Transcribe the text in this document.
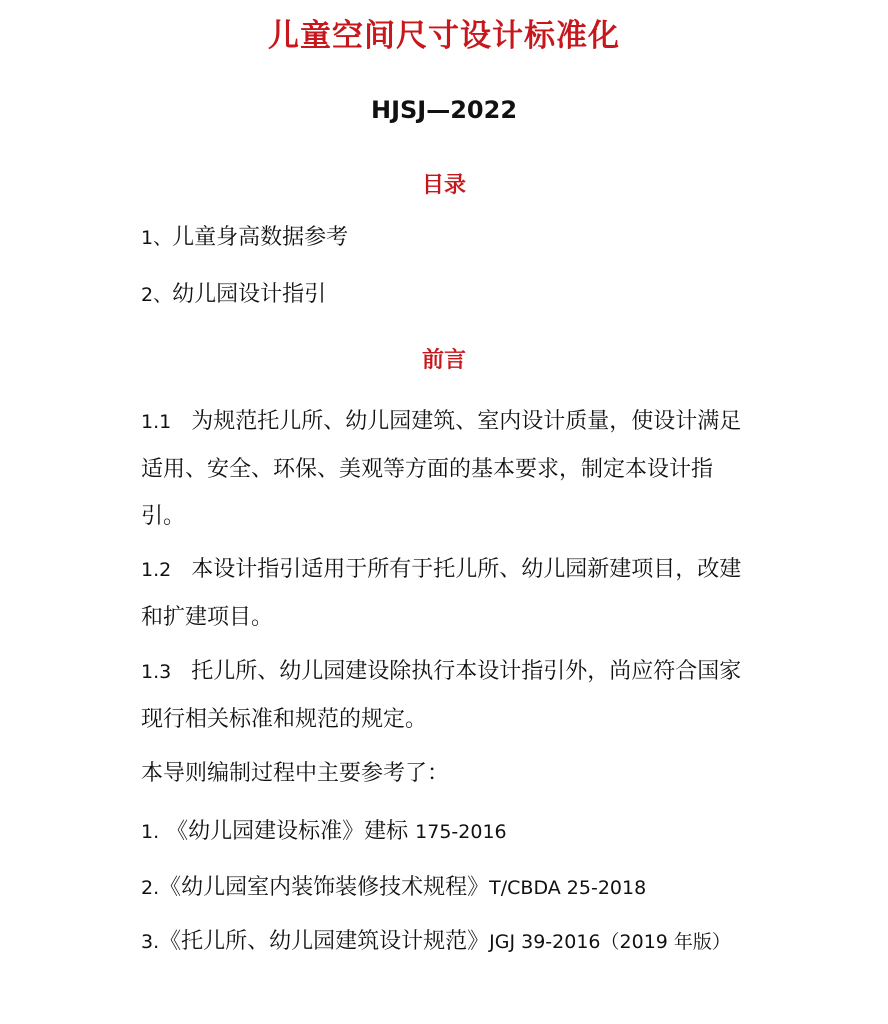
儿童空间尺寸设计标准化
HJSJ—2022
目录
1、儿童身高数据参考
2、幼儿园设计指引
前言
1.1 为规范托儿所、幼儿园建筑、室内设计质量，使设计满足适用、安全、环保、美观等方面的基本要求，制定本设计指引。
1.2 本设计指引适用于所有于托儿所、幼儿园新建项目，改建和扩建项目。
1.3 托儿所、幼儿园建设除执行本设计指引外，尚应符合国家现行相关标准和规范的规定。
本导则编制过程中主要参考了：
1. 《幼儿园建设标准》建标 175-2016
2.《幼儿园室内装饰装修技术规程》T/CBDA 25-2018
3.《托儿所、幼儿园建筑设计规范》JGJ 39-2016（2019 年版）
